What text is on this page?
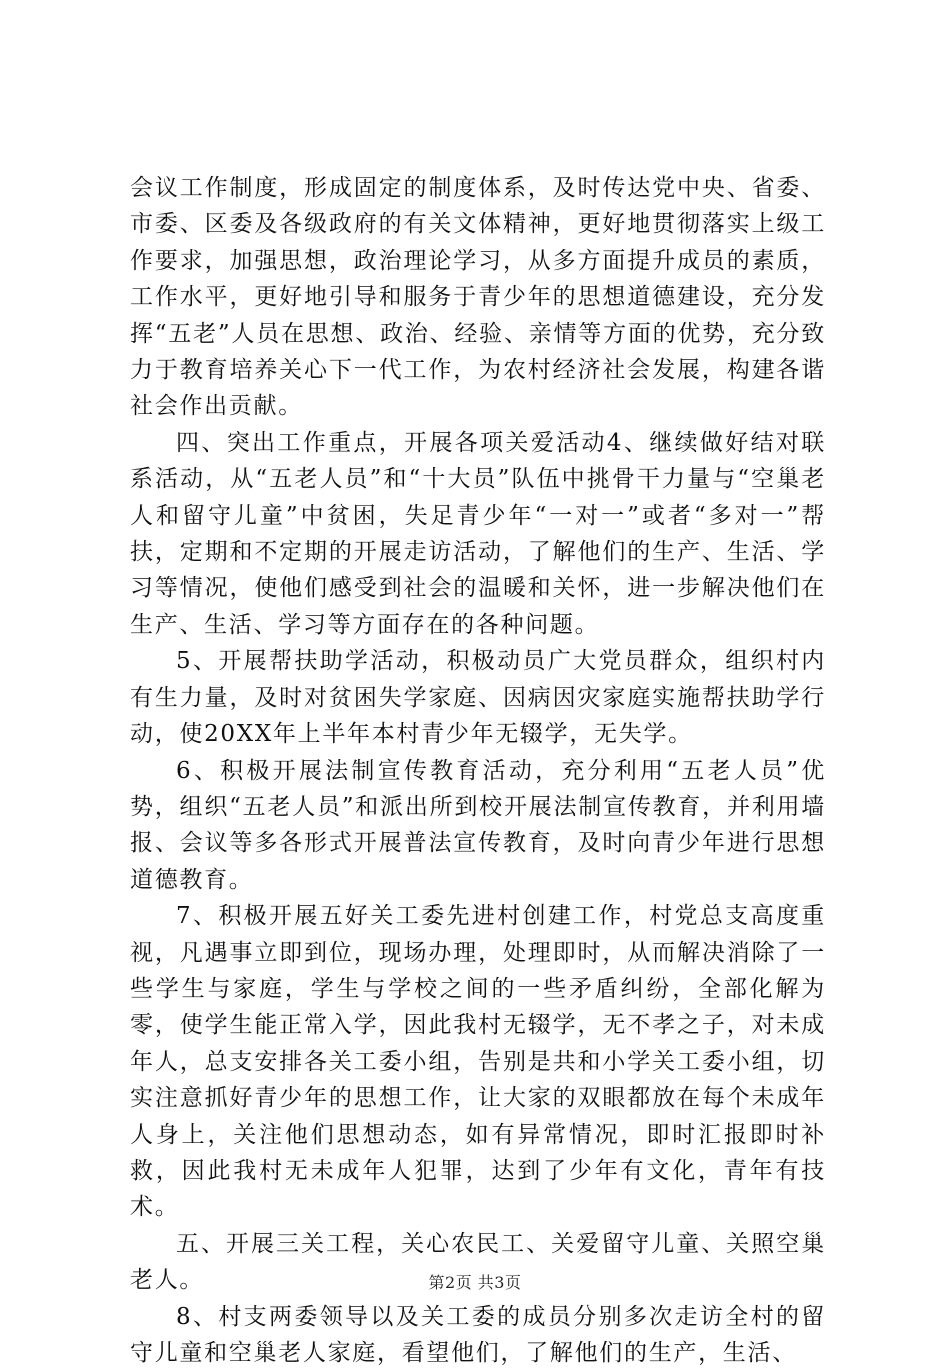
会议工作制度，形成固定的制度体系，及时传达党中央、省委、市委、区委及各级政府的有关文体精神，更好地贯彻落实上级工作要求，加强思想，政治理论学习，从多方面提升成员的素质，工作水平，更好地引导和服务于青少年的思想道德建设，充分发挥“五老”人员在思想、政治、经验、亲情等方面的优势，充分致力于教育培养关心下一代工作，为农村经济社会发展，构建各谐社会作出贡献。

四、突出工作重点，开展各项关爱活动4、继续做好结对联系活动，从“五老人员”和“十大员”队伍中挑骨干力量与“空巢老人和留守儿童”中贫困，失足青少年“一对一”或者“多对一”帮扶，定期和不定期的开展走访活动，了解他们的生产、生活、学习等情况，使他们感受到社会的温暖和关怀，进一步解决他们在生产、生活、学习等方面存在的各种问题。

5、开展帮扶助学活动，积极动员广大党员群众，组织村内有生力量，及时对贫困失学家庭、因病因灾家庭实施帮扶助学行动，使20XX年上半年本村青少年无辍学，无失学。

6、积极开展法制宣传教育活动，充分利用“五老人员”优势，组织“五老人员”和派出所到校开展法制宣传教育，并利用墙报、会议等多各形式开展普法宣传教育，及时向青少年进行思想道德教育。

7、积极开展五好关工委先进村创建工作，村党总支高度重视，凡遇事立即到位，现场办理，处理即时，从而解决消除了一些学生与家庭，学生与学校之间的一些矛盾纠纷，全部化解为零，使学生能正常入学，因此我村无辍学，无不孝之子，对未成年人，总支安排各关工委小组，告别是共和小学关工委小组，切实注意抓好青少年的思想工作，让大家的双眼都放在每个未成年人身上，关注他们思想动态，如有异常情况，即时汇报即时补救，因此我村无未成年人犯罪，达到了少年有文化，青年有技术。

五、开展三关工程，关心农民工、关爱留守儿童、关照空巢老人。

8、村支两委领导以及关工委的成员分别多次走访全村的留守儿童和空巢老人家庭，看望他们，了解他们的生产，生活、

第2页 共3页
